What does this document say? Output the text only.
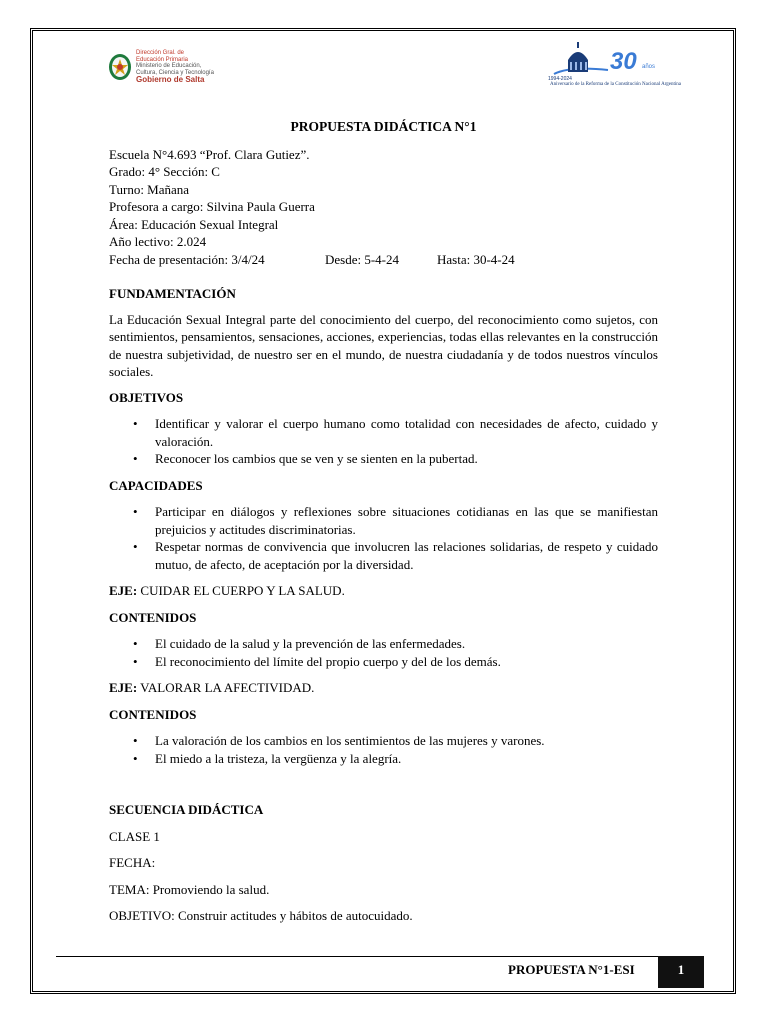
Dirección Gral. de
Educación Primaria
Ministerio de Educación,
Cultura, Ciencia y Tecnología
Gobierno de Salta	1994-2024
Aniversario de la Reforma de la Constitución Nacional Argentina
30 años

PROPUESTA DIDÁCTICA N°1

Escuela N°4.693 “Prof. Clara Gutiez”.

Grado: 4° Sección: C

Turno: Mañana

Profesora a cargo: Silvina Paula Guerra

Área: Educación Sexual Integral

Año lectivo: 2.024

Fecha de presentación: 3/4/24	Desde: 5-4-24	Hasta: 30-4-24

FUNDAMENTACIÓN

La Educación Sexual Integral parte del conocimiento del cuerpo, del reconocimiento como sujetos, con sentimientos, pensamientos, sensaciones, acciones, experiencias, todas ellas relevantes en la construcción de nuestra subjetividad, de nuestro ser en el mundo, de nuestra ciudadanía y de todos nuestros vínculos sociales.

OBJETIVOS

• Identificar y valorar el cuerpo humano como totalidad con necesidades de afecto, cuidado y valoración.
• Reconocer los cambios que se ven y se sienten en la pubertad.

CAPACIDADES

• Participar en diálogos y reflexiones sobre situaciones cotidianas en las que se manifiestan prejuicios y actitudes discriminatorias.
• Respetar normas de convivencia que involucren las relaciones solidarias, de respeto y cuidado mutuo, de afecto, de aceptación por la diversidad.

EJE: CUIDAR EL CUERPO Y LA SALUD.

CONTENIDOS

• El cuidado de la salud y la prevención de las enfermedades.
• El reconocimiento del límite del propio cuerpo y del de los demás.

EJE: VALORAR LA AFECTIVIDAD.

CONTENIDOS

• La valoración de los cambios en los sentimientos de las mujeres y varones.
• El miedo a la tristeza, la vergüenza y la alegría.

SECUENCIA DIDÁCTICA

CLASE 1

FECHA:

TEMA: Promoviendo la salud.

OBJETIVO: Construir actitudes y hábitos de autocuidado.

PROPUESTA N°1-ESI	1
